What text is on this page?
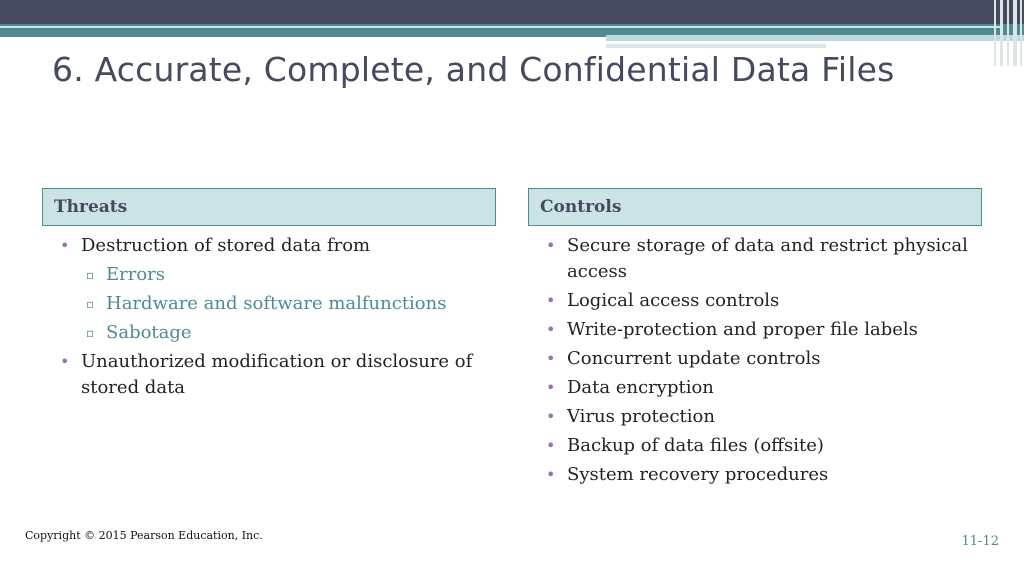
6. Accurate, Complete, and Confidential Data Files
Threats
• Destruction of stored data from
▫ Errors
▫ Hardware and software malfunctions
▫ Sabotage
• Unauthorized modification or disclosure of stored data
Controls
• Secure storage of data and restrict physical access
• Logical access controls
• Write-protection and proper file labels
• Concurrent update controls
• Data encryption
• Virus protection
• Backup of data files (offsite)
• System recovery procedures
Copyright © 2015 Pearson Education, Inc.	11-12
